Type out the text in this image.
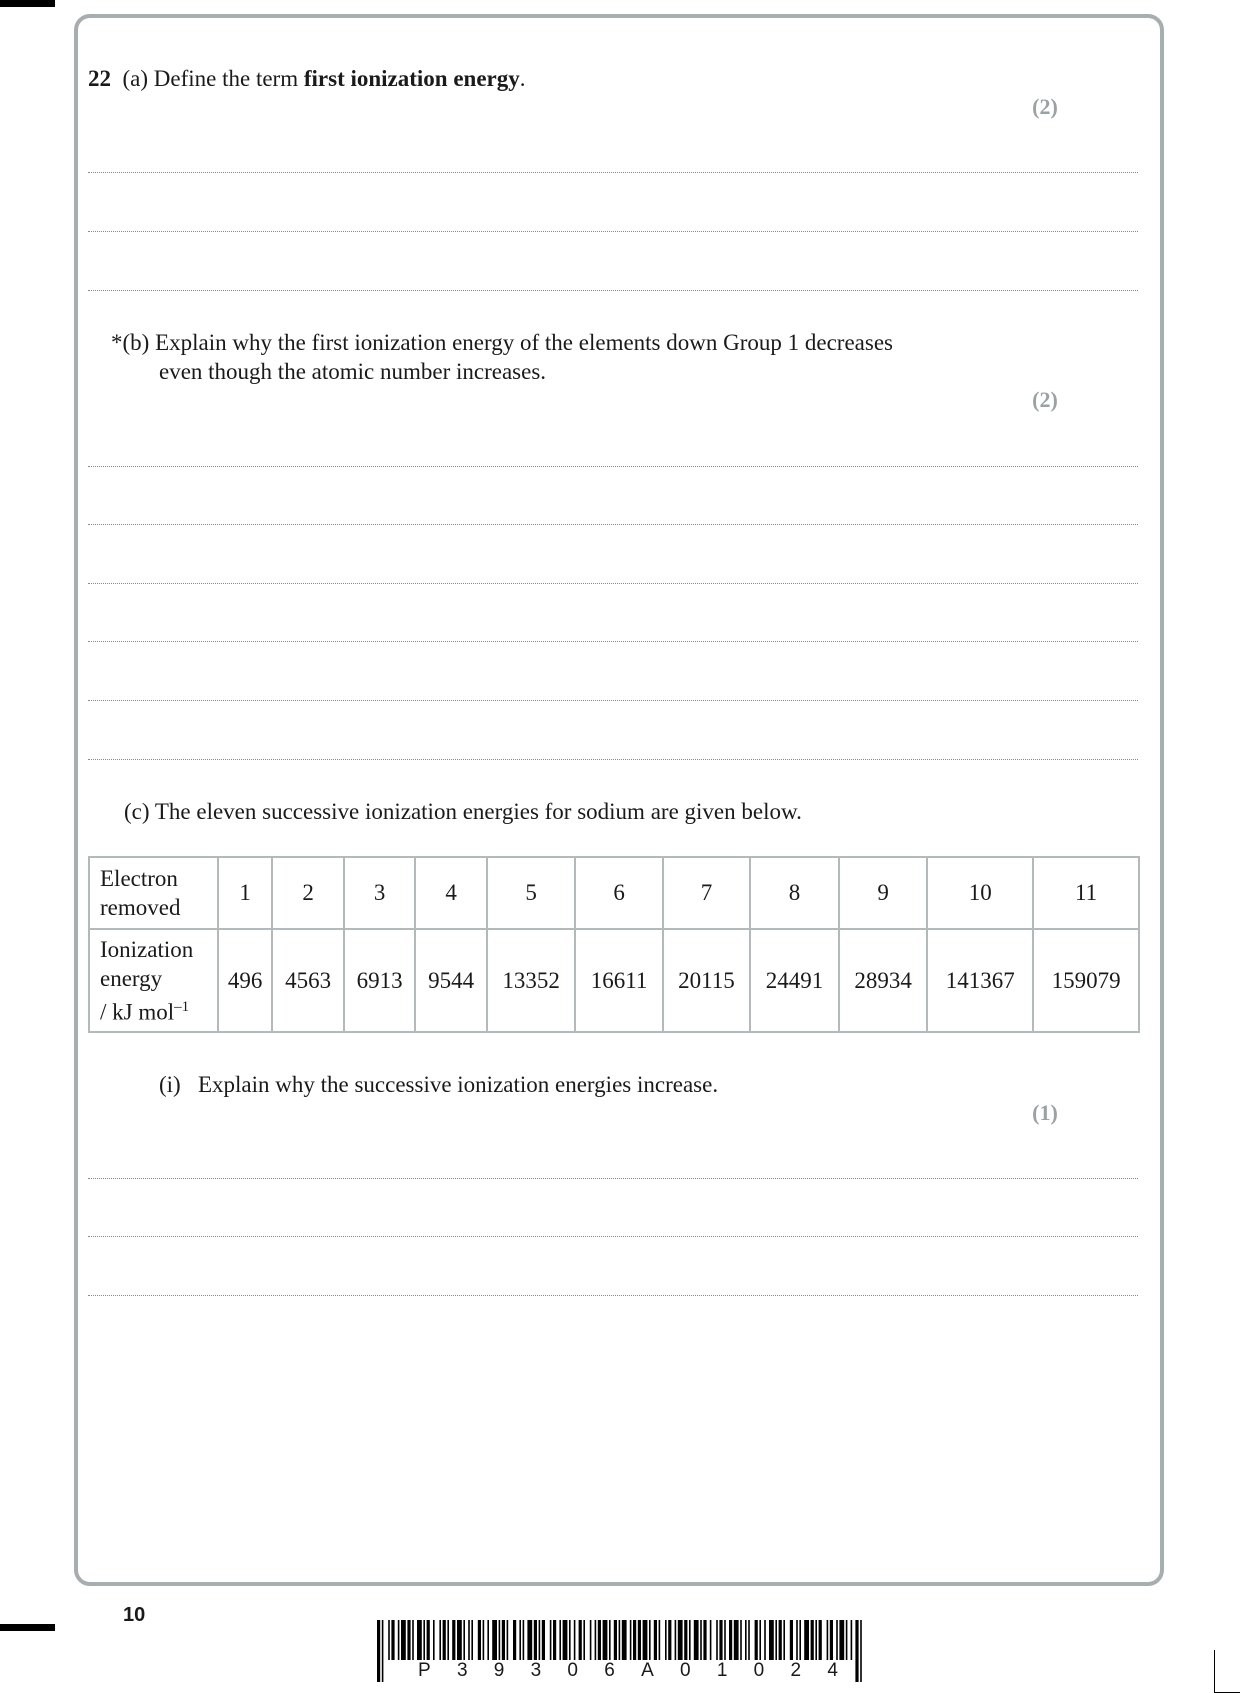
22 (a) Define the term first ionization energy.
(2)
*(b) Explain why the first ionization energy of the elements down Group 1 decreases
even though the atomic number increases.
(2)
(c) The eleven successive ionization energies for sodium are given below.
Electron
removed	1	2	3	4	5	6	7	8	9	10	11
Ionization
energy
/ kJ mol$^{-1}$	496	4563	6913	9544	13352	16611	20115	24491	28934	141367	159079
(i) Explain why the successive ionization energies increase.
(1)
10
P 3 9 3 0 6 A 0 1 0 2 4
